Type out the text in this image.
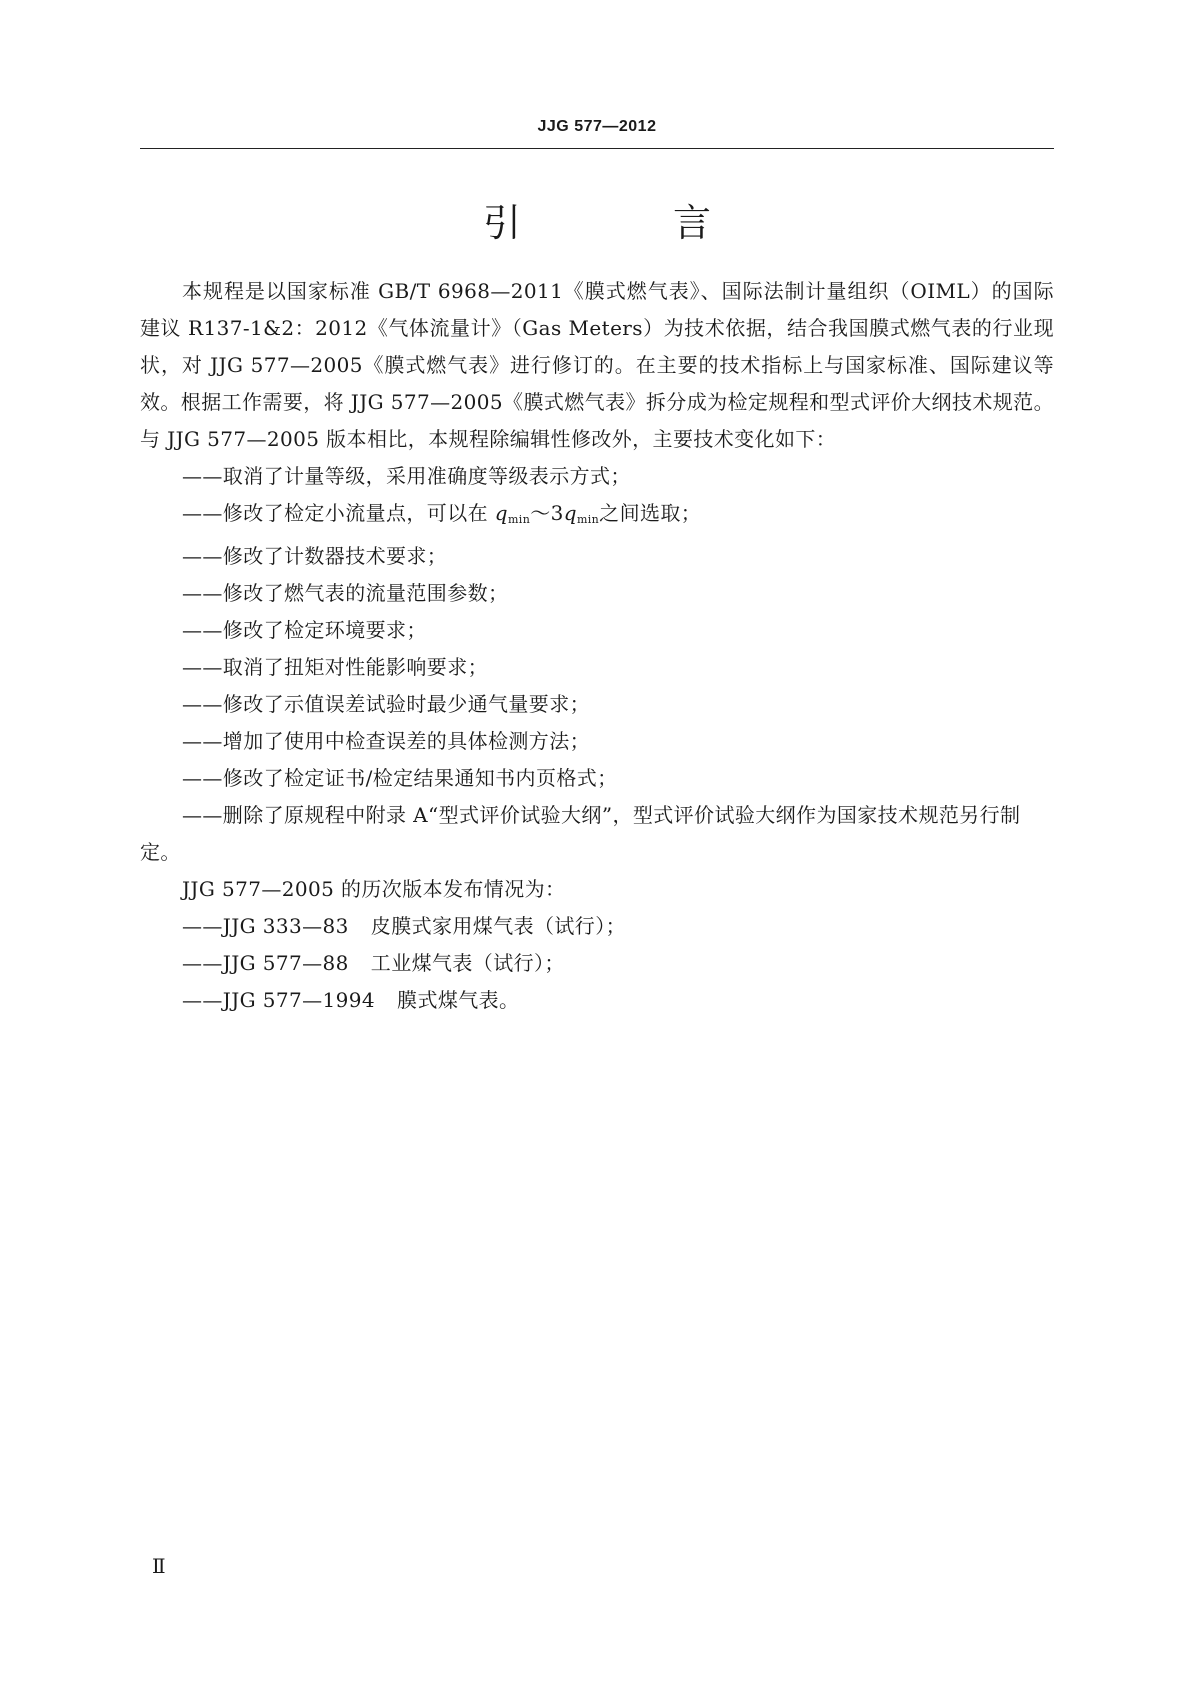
JJG 577—2012
引 言

本规程是以国家标准 GB/T 6968—2011《膜式燃气表》、国际法制计量组织（OIML）的国际建议 R137-1&2：2012《气体流量计》（Gas Meters）为技术依据，结合我国膜式燃气表的行业现状，对 JJG 577—2005《膜式燃气表》进行修订的。在主要的技术指标上与国家标准、国际建议等效。根据工作需要，将 JJG 577—2005《膜式燃气表》拆分成为检定规程和型式评价大纲技术规范。与 JJG 577—2005 版本相比，本规程除编辑性修改外，主要技术变化如下：

——取消了计量等级，采用准确度等级表示方式；
——修改了检定小流量点，可以在 qmin～3qmin之间选取；
——修改了计数器技术要求；
——修改了燃气表的流量范围参数；
——修改了检定环境要求；
——取消了扭矩对性能影响要求；
——修改了示值误差试验时最少通气量要求；
——增加了使用中检查误差的具体检测方法；
——修改了检定证书/检定结果通知书内页格式；
——删除了原规程中附录 A“型式评价试验大纲”，型式评价试验大纲作为国家技术规范另行制定。

JJG 577—2005 的历次版本发布情况为：

——JJG 333—83 皮膜式家用煤气表（试行）；
——JJG 577—88 工业煤气表（试行）；
——JJG 577—1994 膜式煤气表。
Ⅱ
